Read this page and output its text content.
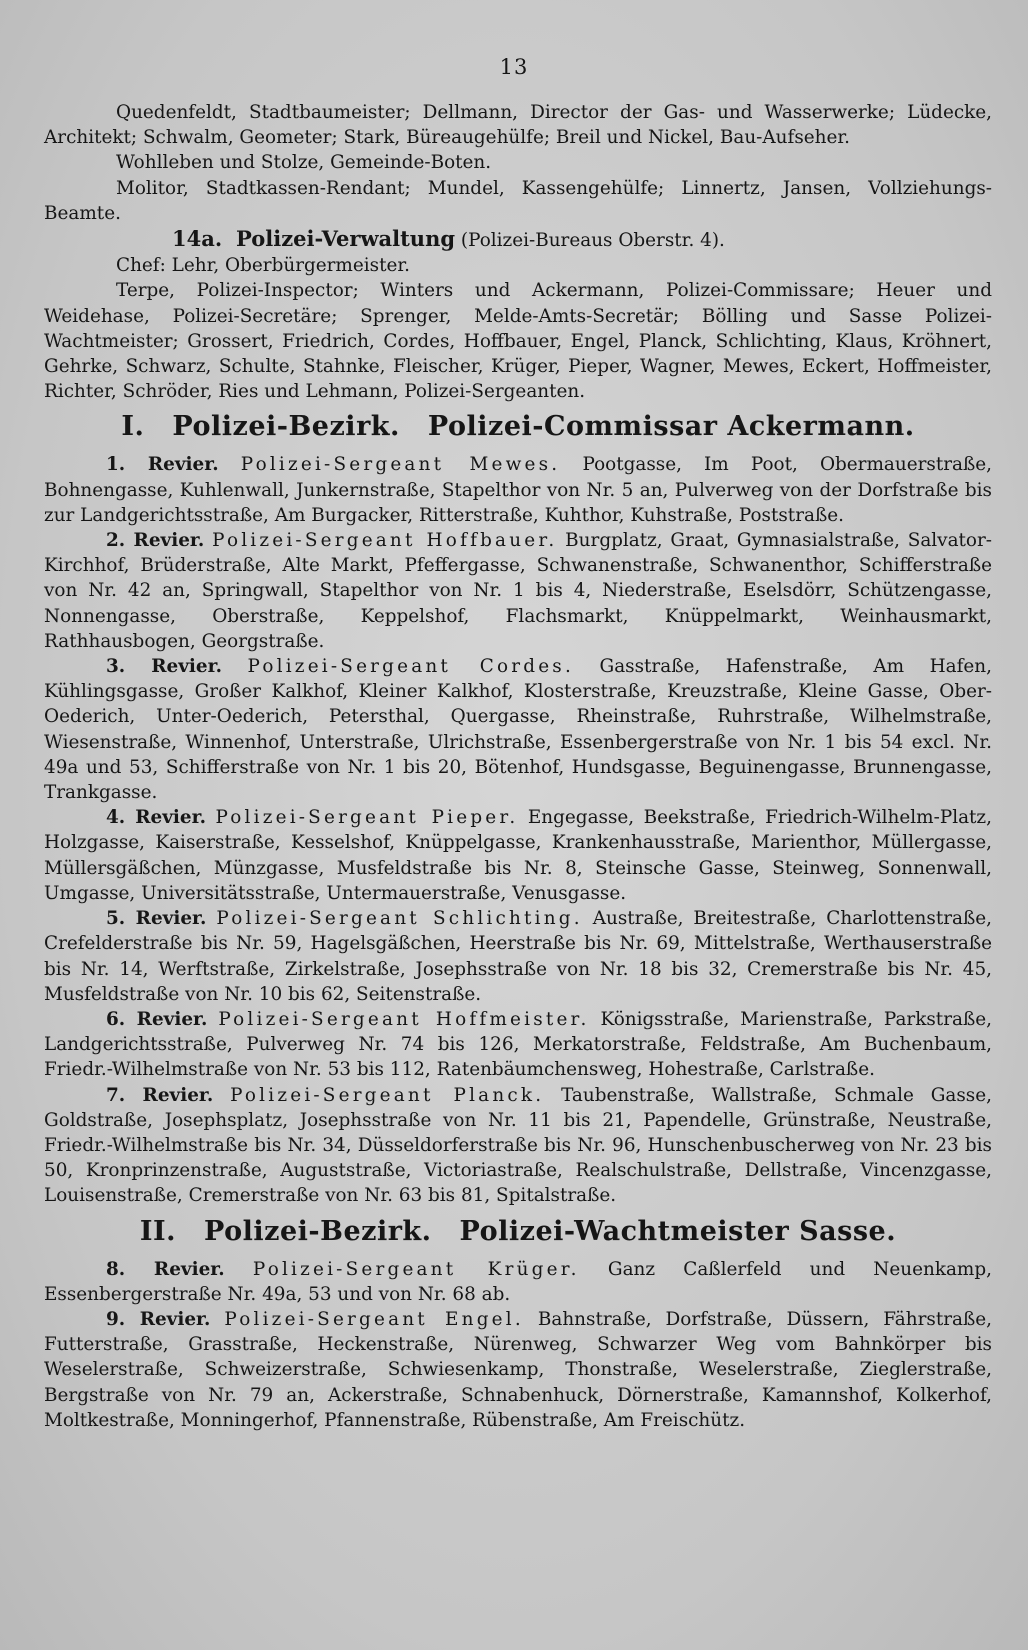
13

Quedenfeldt, Stadtbaumeister; Dellmann, Director der Gas- und Wasserwerke; Lüdecke, Architekt; Schwalm, Geometer; Stark, Büreaugehülfe; Breil und Nickel, Bau-Aufseher.

Wohlleben und Stolze, Gemeinde-Boten.

Molitor, Stadtkassen-Rendant; Mundel, Kassengehülfe; Linnertz, Jansen, Vollziehungs-Beamte.

14a. Polizei-Verwaltung (Polizei-Bureaus Oberstr. 4).

Chef: Lehr, Oberbürgermeister.

Terpe, Polizei-Inspector; Winters und Ackermann, Polizei-Commissare; Heuer und Weidehase, Polizei-Secretäre; Sprenger, Melde-Amts-Secretär; Bölling und Sasse Polizei-Wachtmeister; Grossert, Friedrich, Cordes, Hoffbauer, Engel, Planck, Schlichting, Klaus, Kröhnert, Gehrke, Schwarz, Schulte, Stahnke, Fleischer, Krüger, Pieper, Wagner, Mewes, Eckert, Hoffmeister, Richter, Schröder, Ries und Lehmann, Polizei-Sergeanten.

I. Polizei-Bezirk. Polizei-Commissar Ackermann.

1. Revier. Polizei-Sergeant Mewes. Pootgasse, Im Poot, Obermauerstraße, Bohnengasse, Kuhlenwall, Junkernstraße, Stapelthor von Nr. 5 an, Pulverweg von der Dorfstraße bis zur Landgerichtsstraße, Am Burgacker, Ritterstraße, Kuhthor, Kuhstraße, Poststraße.

2. Revier. Polizei-Sergeant Hoffbauer. Burgplatz, Graat, Gymnasialstraße, Salvator-Kirchhof, Brüderstraße, Alte Markt, Pfeffergasse, Schwanenstraße, Schwanenthor, Schifferstraße von Nr. 42 an, Springwall, Stapelthor von Nr. 1 bis 4, Niederstraße, Eselsdörr, Schützengasse, Nonnengasse, Oberstraße, Keppelshof, Flachsmarkt, Knüppelmarkt, Weinhausmarkt, Rathhausbogen, Georgstraße.

3. Revier. Polizei-Sergeant Cordes. Gasstraße, Hafenstraße, Am Hafen, Kühlingsgasse, Großer Kalkhof, Kleiner Kalkhof, Klosterstraße, Kreuzstraße, Kleine Gasse, Ober-Oederich, Unter-Oederich, Petersthal, Quergasse, Rheinstraße, Ruhrstraße, Wilhelmstraße, Wiesenstraße, Winnenhof, Unterstraße, Ulrichstraße, Essenbergerstraße von Nr. 1 bis 54 excl. Nr. 49a und 53, Schifferstraße von Nr. 1 bis 20, Bötenhof, Hundsgasse, Beguinengasse, Brunnengasse, Trankgasse.

4. Revier. Polizei-Sergeant Pieper. Engegasse, Beekstraße, Friedrich-Wilhelm-Platz, Holzgasse, Kaiserstraße, Kesselshof, Knüppelgasse, Krankenhausstraße, Marienthor, Müllergasse, Müllersgäßchen, Münzgasse, Musfeldstraße bis Nr. 8, Steinsche Gasse, Steinweg, Sonnenwall, Umgasse, Universitätsstraße, Untermauerstraße, Venusgasse.

5. Revier. Polizei-Sergeant Schlichting. Austraße, Breitestraße, Charlottenstraße, Crefelderstraße bis Nr. 59, Hagelsgäßchen, Heerstraße bis Nr. 69, Mittelstraße, Werthauserstraße bis Nr. 14, Werftstraße, Zirkelstraße, Josephsstraße von Nr. 18 bis 32, Cremerstraße bis Nr. 45, Musfeldstraße von Nr. 10 bis 62, Seitenstraße.

6. Revier. Polizei-Sergeant Hoffmeister. Königsstraße, Marienstraße, Parkstraße, Landgerichtsstraße, Pulverweg Nr. 74 bis 126, Merkatorstraße, Feldstraße, Am Buchenbaum, Friedr.-Wilhelmstraße von Nr. 53 bis 112, Ratenbäumchensweg, Hohestraße, Carlstraße.

7. Revier. Polizei-Sergeant Planck. Taubenstraße, Wallstraße, Schmale Gasse, Goldstraße, Josephsplatz, Josephsstraße von Nr. 11 bis 21, Papendelle, Grünstraße, Neustraße, Friedr.-Wilhelmstraße bis Nr. 34, Düsseldorferstraße bis Nr. 96, Hunschenbuscherweg von Nr. 23 bis 50, Kronprinzenstraße, Auguststraße, Victoriastraße, Realschulstraße, Dellstraße, Vincenzgasse, Louisenstraße, Cremerstraße von Nr. 63 bis 81, Spitalstraße.

II. Polizei-Bezirk. Polizei-Wachtmeister Sasse.

8. Revier. Polizei-Sergeant Krüger. Ganz Caßlerfeld und Neuenkamp, Essenbergerstraße Nr. 49a, 53 und von Nr. 68 ab.

9. Revier. Polizei-Sergeant Engel. Bahnstraße, Dorfstraße, Düssern, Fährstraße, Futterstraße, Grasstraße, Heckenstraße, Nürenweg, Schwarzer Weg vom Bahnkörper bis Weselerstraße, Schweizerstraße, Schwiesenkamp, Thonstraße, Weselerstraße, Zieglerstraße, Bergstraße von Nr. 79 an, Ackerstraße, Schnabenhuck, Dörnerstraße, Kamannshof, Kolkerhof, Moltkestraße, Monningerhof, Pfannenstraße, Rübenstraße, Am Freischütz.
